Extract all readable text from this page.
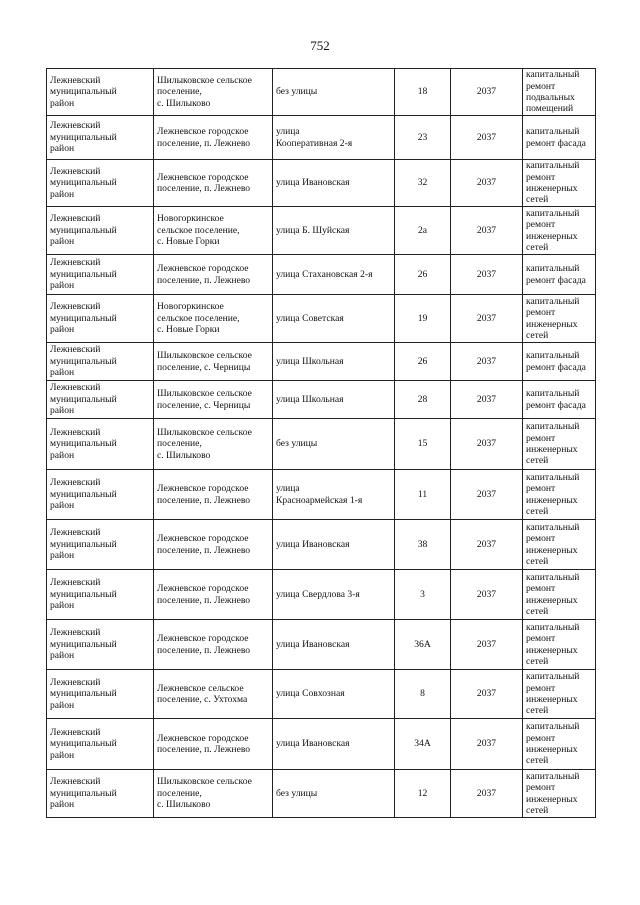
752
Лежневский
муниципальный
район	Шилыковское сельское
поселение,
с. Шилыково	без улицы	18	2037	капитальный
ремонт
подвальных
помещений
Лежневский
муниципальный
район	Лежневское городское
поселение, п. Лежнево	улица
Кооперативная 2-я	23	2037	капитальный
ремонт фасада
Лежневский
муниципальный
район	Лежневское городское
поселение, п. Лежнево	улица Ивановская	32	2037	капитальный
ремонт
инженерных
сетей
Лежневский
муниципальный
район	Новогоркинское
сельское поселение,
с. Новые Горки	улица Б. Шуйская	2а	2037	капитальный
ремонт
инженерных
сетей
Лежневский
муниципальный
район	Лежневское городское
поселение, п. Лежнево	улица Стахановская 2-я	26	2037	капитальный
ремонт фасада
Лежневский
муниципальный
район	Новогоркинское
сельское поселение,
с. Новые Горки	улица Советская	19	2037	капитальный
ремонт
инженерных
сетей
Лежневский
муниципальный
район	Шилыковское сельское
поселение, с. Черницы	улица Школьная	26	2037	капитальный
ремонт фасада
Лежневский
муниципальный
район	Шилыковское сельское
поселение, с. Черницы	улица Школьная	28	2037	капитальный
ремонт фасада
Лежневский
муниципальный
район	Шилыковское сельское
поселение,
с. Шилыково	без улицы	15	2037	капитальный
ремонт
инженерных
сетей
Лежневский
муниципальный
район	Лежневское городское
поселение, п. Лежнево	улица
Красноармейская 1-я	11	2037	капитальный
ремонт
инженерных
сетей
Лежневский
муниципальный
район	Лежневское городское
поселение, п. Лежнево	улица Ивановская	38	2037	капитальный
ремонт
инженерных
сетей
Лежневский
муниципальный
район	Лежневское городское
поселение, п. Лежнево	улица Свердлова 3-я	3	2037	капитальный
ремонт
инженерных
сетей
Лежневский
муниципальный
район	Лежневское городское
поселение, п. Лежнево	улица Ивановская	36А	2037	капитальный
ремонт
инженерных
сетей
Лежневский
муниципальный
район	Лежневское сельское
поселение, с. Ухтохма	улица Совхозная	8	2037	капитальный
ремонт
инженерных
сетей
Лежневский
муниципальный
район	Лежневское городское
поселение, п. Лежнево	улица Ивановская	34А	2037	капитальный
ремонт
инженерных
сетей
Лежневский
муниципальный
район	Шилыковское сельское
поселение,
с. Шилыково	без улицы	12	2037	капитальный
ремонт
инженерных
сетей
